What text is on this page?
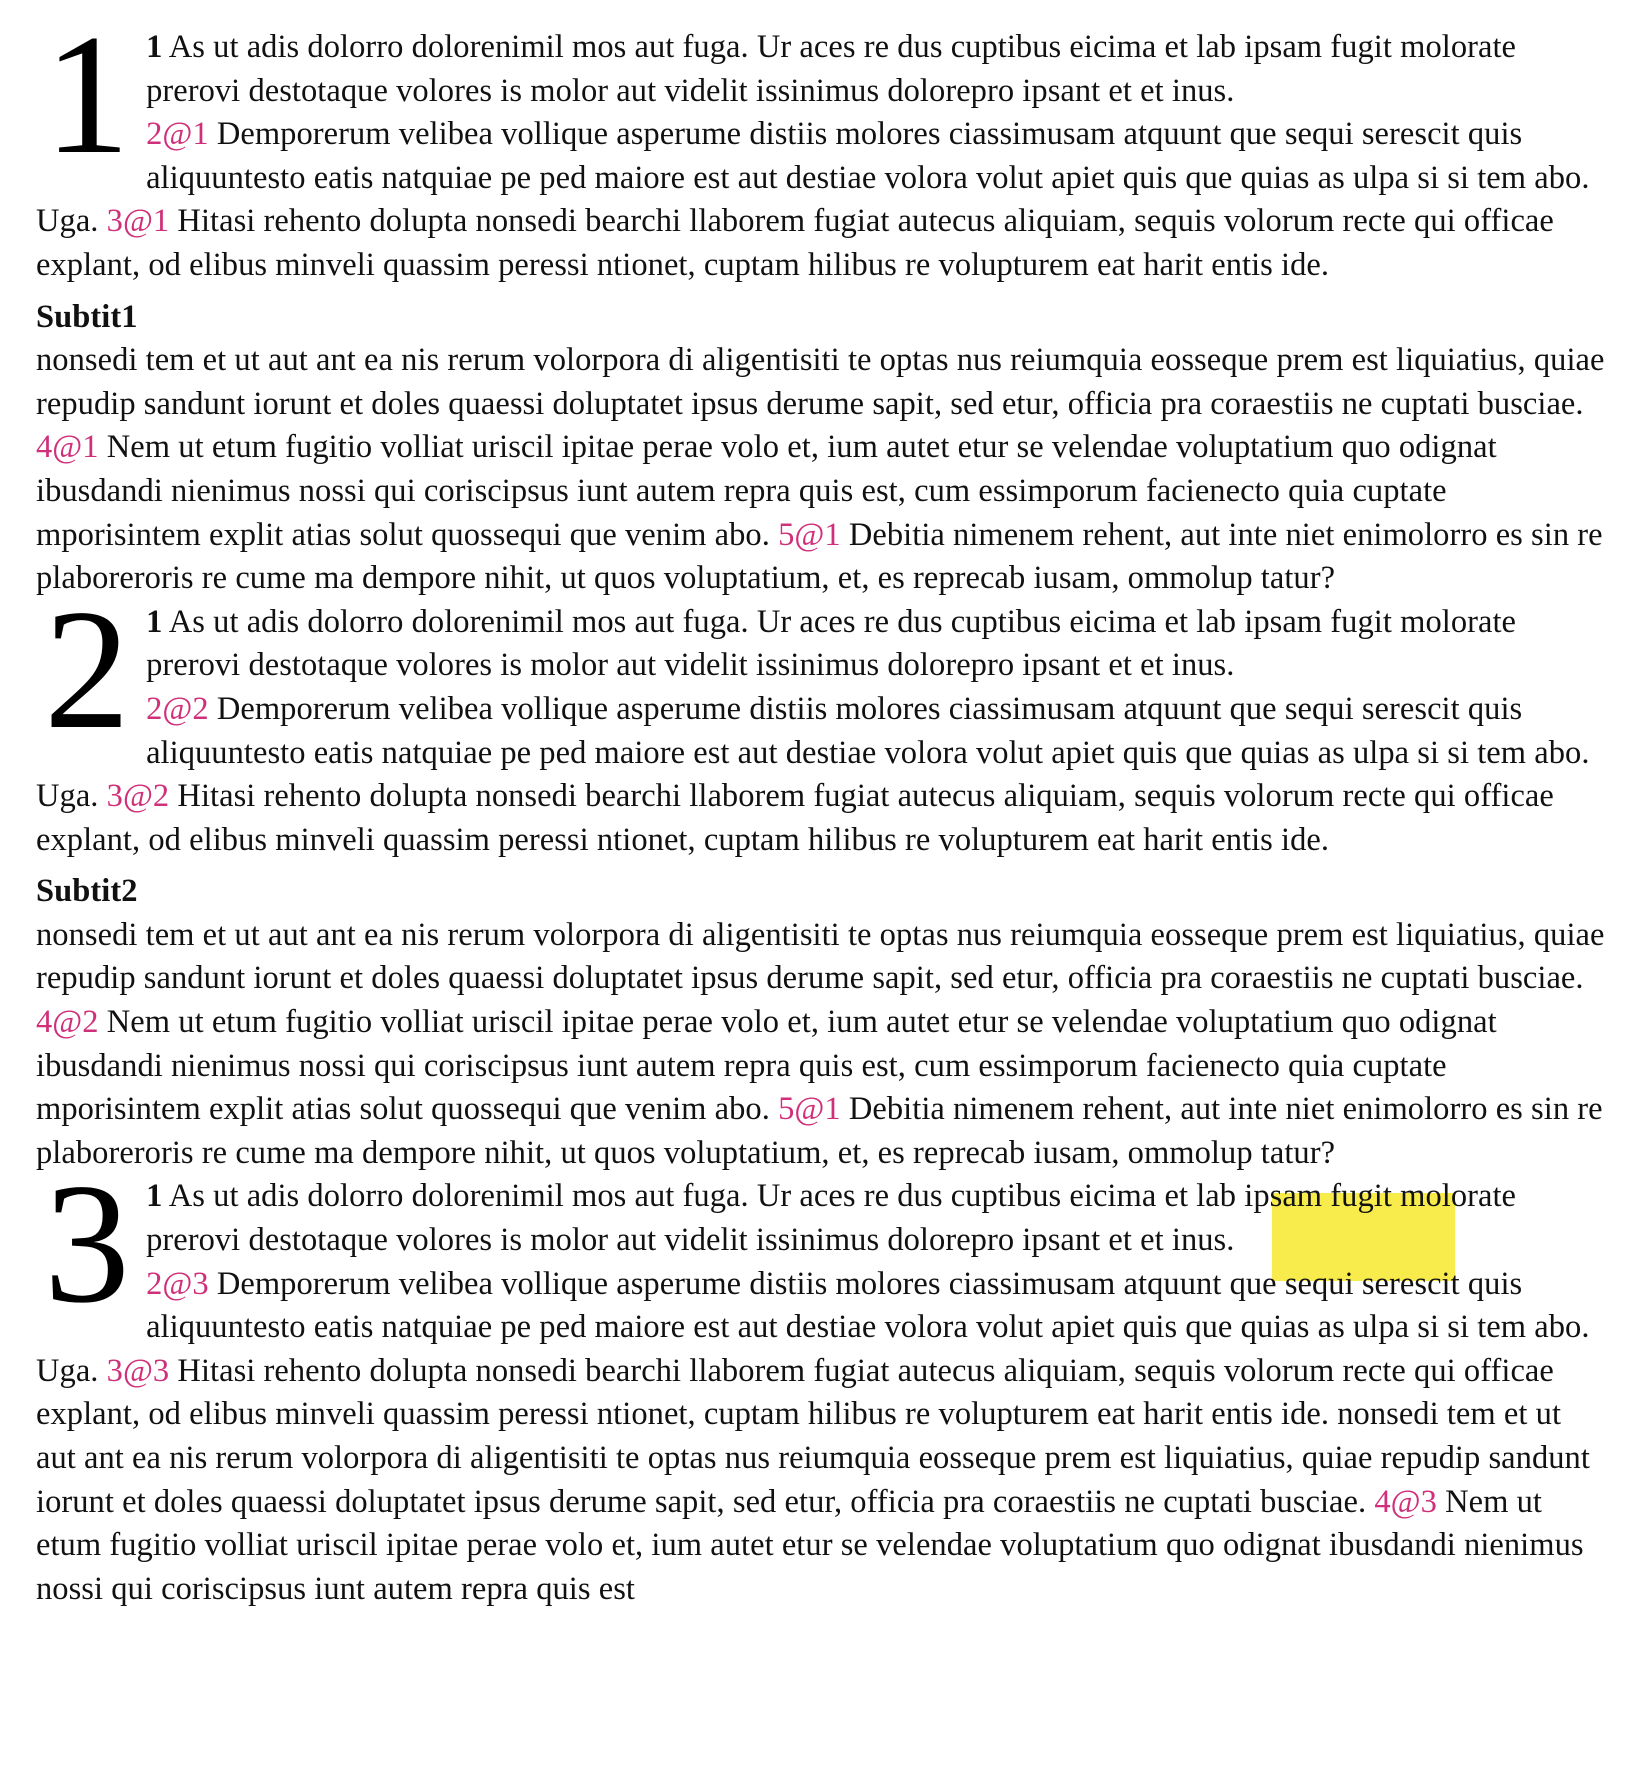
1 1 As ut adis dolorro dolorenimil mos aut fuga. Ur aces re dus cuptibus eicima et lab ipsam fugit molorate prerovi destotaque volores is molor aut videlit issinimus dolorepro ipsant et et inus.
2@1 Demporerum velibea vollique asperume distiis molores ciassimusam atquunt que sequi serescit quis aliquuntesto eatis natquiae pe ped maiore est aut destiae volora volut apiet quis que quias as ulpa si si tem abo. Uga. 3@1 Hitasi rehento dolupta nonsedi bearchi llaborem fugiat autecus aliquiam, sequis volorum recte qui officae explant, od elibus minveli quassim peressi ntionet, cuptam hilibus re volupturem eat harit entis ide.
Subtit1
nonsedi tem et ut aut ant ea nis rerum volorpora di aligentisiti te optas nus reiumquia eosseque prem est liquiatius, quiae repudip sandunt iorunt et doles quaessi doluptatet ipsus derume sapit, sed etur, officia pra coraestiis ne cuptati busciae. 4@1 Nem ut etum fugitio volliat uriscil ipitae perae volo et, ium autet etur se velendae voluptatium quo odignat ibusdandi nienimus nossi qui coriscipsus iunt autem repra quis est, cum essimporum facienecto quia cuptate mporisintem explit atias solut quossequi que venim abo. 5@1 Debitia nimenem rehent, aut inte niet enimolorro es sin re plaboreroris re cume ma dempore nihit, ut quos voluptatium, et, es reprecab iusam, ommolup tatur?
2 1 As ut adis dolorro dolorenimil mos aut fuga. Ur aces re dus cuptibus eicima et lab ipsam fugit molorate prerovi destotaque volores is molor aut videlit issinimus dolorepro ipsant et et inus.
2@2 Demporerum velibea vollique asperume distiis molores ciassimusam atquunt que sequi serescit quis aliquuntesto eatis natquiae pe ped maiore est aut destiae volora volut apiet quis que quias as ulpa si si tem abo. Uga. 3@2 Hitasi rehento dolupta nonsedi bearchi llaborem fugiat autecus aliquiam, sequis volorum recte qui officae explant, od elibus minveli quassim peressi ntionet, cuptam hilibus re volupturem eat harit entis ide.
Subtit2
nonsedi tem et ut aut ant ea nis rerum volorpora di aligentisiti te optas nus reiumquia eosseque prem est liquiatius, quiae repudip sandunt iorunt et doles quaessi doluptatet ipsus derume sapit, sed etur, officia pra coraestiis ne cuptati busciae. 4@2 Nem ut etum fugitio volliat uriscil ipitae perae volo et, ium autet etur se velendae voluptatium quo odignat ibusdandi nienimus nossi qui coriscipsus iunt autem repra quis est, cum essimporum facienecto quia cuptate mporisintem explit atias solut quossequi que venim abo. 5@1 Debitia nimenem rehent, aut inte niet enimolorro es sin re plaboreroris re cume ma dempore nihit, ut quos voluptatium, et, es reprecab iusam, ommolup tatur?
3 1 As ut adis dolorro dolorenimil mos aut fuga. Ur aces re dus cuptibus eicima et lab ipsam fugit molorate prerovi destotaque volores is molor aut videlit issinimus dolorepro ipsant et et inus.
2@3 Demporerum velibea vollique asperume distiis molores ciassimusam atquunt que sequi serescit quis aliquuntesto eatis natquiae pe ped maiore est aut destiae volora volut apiet quis que quias as ulpa si si tem abo. Uga. 3@3 Hitasi rehento dolupta nonsedi bearchi llaborem fugiat autecus aliquiam, sequis volorum recte qui officae explant, od elibus minveli quassim peressi ntionet, cuptam hilibus re volupturem eat harit entis ide. nonsedi tem et ut aut ant ea nis rerum volorpora di aligentisiti te optas nus reiumquia eosseque prem est liquiatius, quiae repudip sandunt iorunt et doles quaessi doluptatet ipsus derume sapit, sed etur, officia pra coraestiis ne cuptati busciae. 4@3 Nem ut etum fugitio volliat uriscil ipitae perae volo et, ium autet etur se velendae voluptatium quo odignat ibusdandi nienimus nossi qui coriscipsus iunt autem repra quis est
